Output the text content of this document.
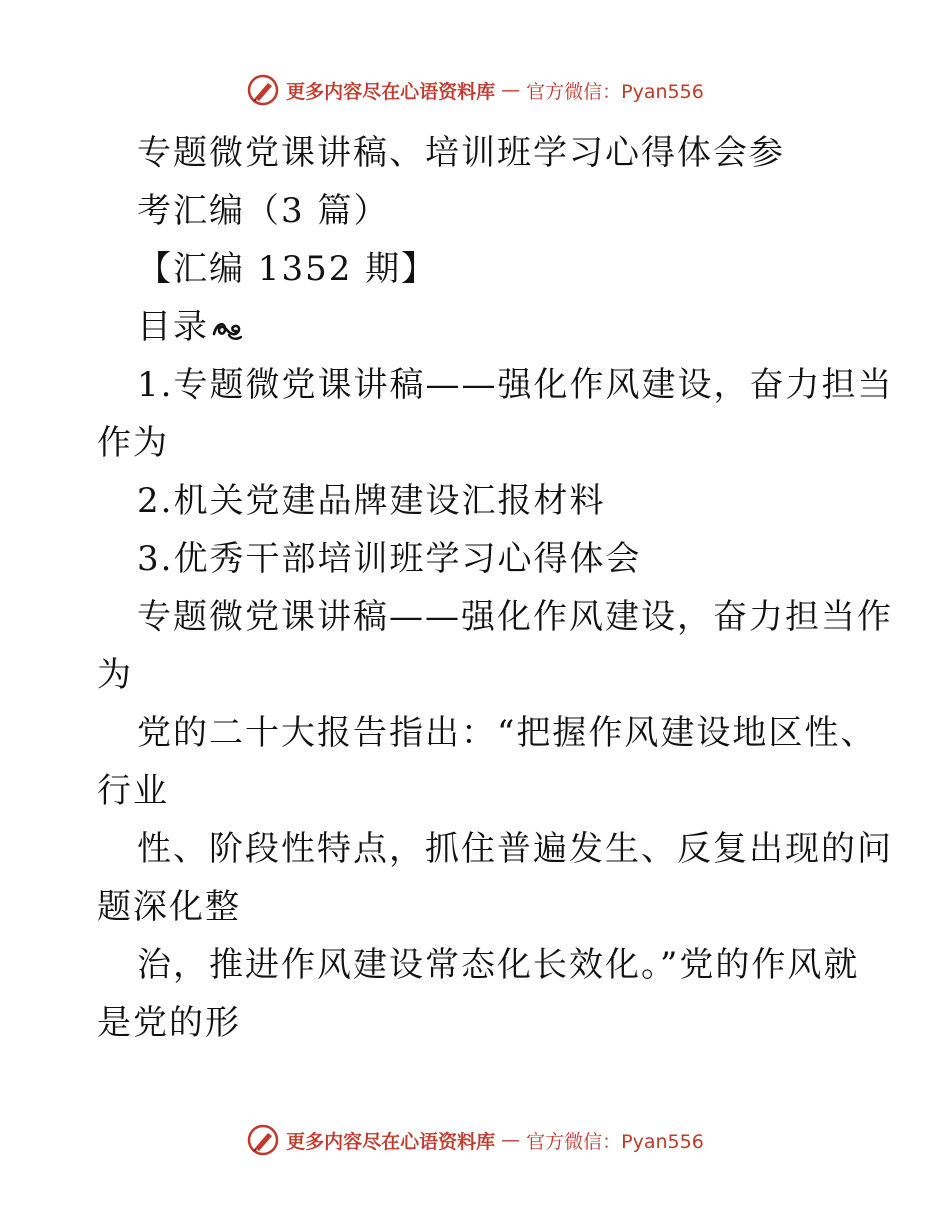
更多内容尽在心语资料库 — 官方微信：Pyan556
专题微党课讲稿、培训班学习心得体会参
考汇编（3 篇）
【汇编 1352 期】
目录
1.专题微党课讲稿——强化作风建设，奋力担当
作为
2.机关党建品牌建设汇报材料
3.优秀干部培训班学习心得体会
专题微党课讲稿——强化作风建设，奋力担当作
为
党的二十大报告指出：“把握作风建设地区性、
行业
性、阶段性特点，抓住普遍发生、反复出现的问
题深化整
治，推进作风建设常态化长效化。”党的作风就
是党的形
更多内容尽在心语资料库 — 官方微信：Pyan556
